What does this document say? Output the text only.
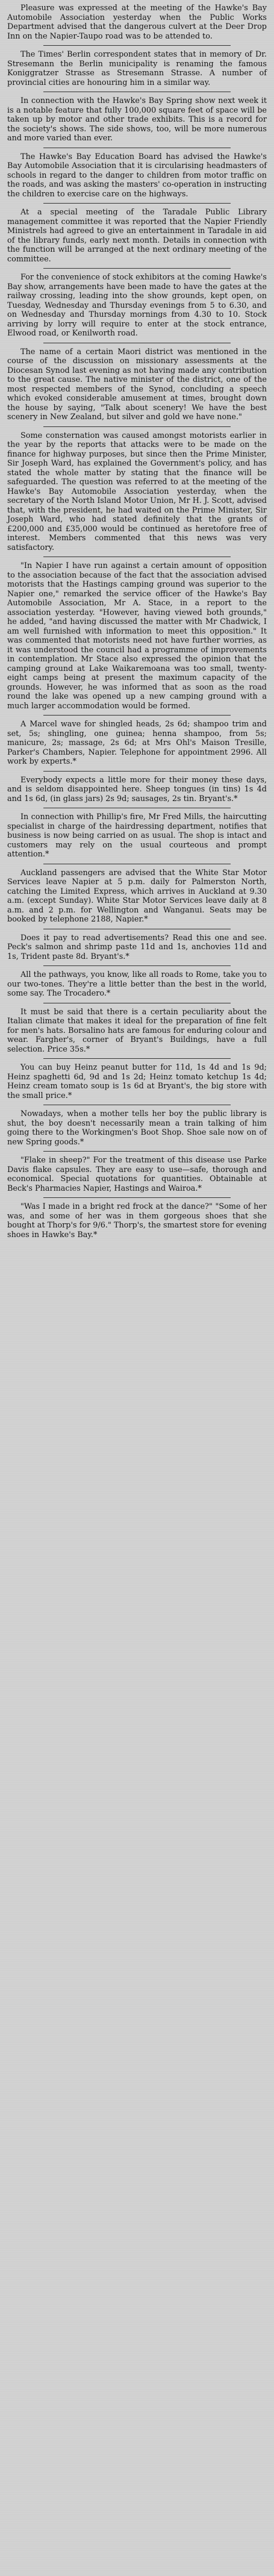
Pleasure was expressed at the meeting of the Hawke's Bay Automobile Association yesterday when the Public Works Department advised that the dangerous culvert at the Deer Drop Inn on the Napier-Taupo road was to be attended to.

The Times' Berlin correspondent states that in memory of Dr. Stresemann the Berlin municipality is renaming the famous Koniggratzer Strasse as Stresemann Strasse. A number of provincial cities are honouring him in a similar way.

In connection with the Hawke's Bay Spring show next week it is a notable feature that fully 100,000 square feet of space will be taken up by motor and other trade exhibits. This is a record for the society's shows. The side shows, too, will be more numerous and more varied than ever.

The Hawke's Bay Education Board has advised the Hawke's Bay Automobile Association that it is circularising headmasters of schools in regard to the danger to children from motor traffic on the roads, and was asking the masters' co-operation in instructing the children to exercise care on the highways.

At a special meeting of the Taradale Public Library management committee it was reported that the Napier Friendly Ministrels had agreed to give an entertainment in Taradale in aid of the library funds, early next month. Details in connection with the function will be arranged at the next ordinary meeting of the committee.

For the convenience of stock exhibitors at the coming Hawke's Bay show, arrangements have been made to have the gates at the railway crossing, leading into the show grounds, kept open, on Tuesday, Wednesday and Thursday evenings from 5 to 6.30, and on Wednesday and Thursday mornings from 4.30 to 10. Stock arriving by lorry will require to enter at the stock entrance, Elwood road, or Kenilworth road.

The name of a certain Maori district was mentioned in the course of the discussion on missionary assessments at the Diocesan Synod last evening as not having made any contribution to the great cause. The native minister of the district, one of the most respected members of the Synod, concluding a speech which evoked considerable amusement at times, brought down the house by saying, "Talk about scenery! We have the best scenery in New Zealand, but silver and gold we have none."

Some consternation was caused amongst motorists earlier in the year by the reports that attacks were to be made on the finance for highway purposes, but since then the Prime Minister, Sir Joseph Ward, has explained the Government's policy, and has stated the whole matter by stating that the finance will be safeguarded. The question was referred to at the meeting of the Hawke's Bay Automobile Association yesterday, when the secretary of the North Island Motor Union, Mr H. J. Scott, advised that, with the president, he had waited on the Prime Minister, Sir Joseph Ward, who had stated definitely that the grants of £200,000 and £35,000 would be continued as heretofore free of interest. Members commented that this news was very satisfactory.

"In Napier I have run against a certain amount of opposition to the association because of the fact that the association advised motorists that the Hastings camping ground was superior to the Napier one," remarked the service officer of the Hawke's Bay Automobile Association, Mr A. Stace, in a report to the association yesterday. "However, having viewed both grounds," he added, "and having discussed the matter with Mr Chadwick, I am well furnished with information to meet this opposition." It was commented that motorists need not have further worries, as it was understood the council had a programme of improvements in contemplation. Mr Stace also expressed the opinion that the camping ground at Lake Waikaremoana was too small, twenty-eight camps being at present the maximum capacity of the grounds. However, he was informed that as soon as the road round the lake was opened up a new camping ground with a much larger accommodation would be formed.

A Marcel wave for shingled heads, 2s 6d; shampoo trim and set, 5s; shingling, one guinea; henna shampoo, from 5s; manicure, 2s; massage, 2s 6d; at Mrs Ohl's Maison Tresille, Parker's Chambers, Napier. Telephone for appointment 2996. All work by experts.*

Everybody expects a little more for their money these days, and is seldom disappointed here. Sheep tongues (in tins) 1s 4d and 1s 6d, (in glass jars) 2s 9d; sausages, 2s tin. Bryant's.*

In connection with Phillip's fire, Mr Fred Mills, the haircutting specialist in charge of the hairdressing department, notifies that business is now being carried on as usual. The shop is intact and customers may rely on the usual courteous and prompt attention.*

Auckland passengers are advised that the White Star Motor Services leave Napier at 5 p.m. daily for Palmerston North, catching the Limited Express, which arrives in Auckland at 9.30 a.m. (except Sunday). White Star Motor Services leave daily at 8 a.m. and 2 p.m. for Wellington and Wanganui. Seats may be booked by telephone 2188, Napier.*

Does it pay to read advertisements? Read this one and see. Peck's salmon and shrimp paste 11d and 1s, anchovies 11d and 1s, Trident paste 8d. Bryant's.*

All the pathways, you know, like all roads to Rome, take you to our two-tones. They're a little better than the best in the world, some say. The Trocadero.*

It must be said that there is a certain peculiarity about the Italian climate that makes it ideal for the preparation of fine felt for men's hats. Borsalino hats are famous for enduring colour and wear. Fargher's, corner of Bryant's Buildings, have a full selection. Price 35s.*

You can buy Heinz peanut butter for 11d, 1s 4d and 1s 9d; Heinz spaghetti 6d, 9d and 1s 2d; Heinz tomato ketchup 1s 4d; Heinz cream tomato soup is 1s 6d at Bryant's, the big store with the small price.*

Nowadays, when a mother tells her boy the public library is shut, the boy doesn't necessarily mean a train talking of him going there to the Workingmen's Boot Shop. Shoe sale now on of new Spring goods.*

"Flake in sheep?" For the treatment of this disease use Parke Davis flake capsules. They are easy to use—safe, thorough and economical. Special quotations for quantities. Obtainable at Beck's Pharmacies Napier, Hastings and Wairoa.*

"Was I made in a bright red frock at the dance?" "Some of her was, and some of her was in them gorgeous shoes that she bought at Thorp's for 9/6." Thorp's, the smartest store for evening shoes in Hawke's Bay.*
